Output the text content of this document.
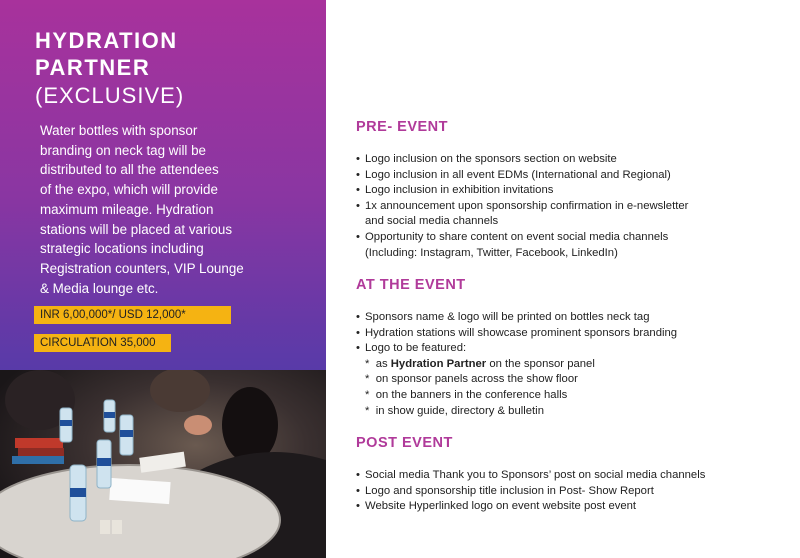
HYDRATION
PARTNER
(EXCLUSIVE)
Water bottles with sponsor
branding on neck tag will be
distributed to all the attendees
of the expo, which will provide
maximum mileage. Hydration
stations will be placed at various
strategic locations including
Registration counters, VIP Lounge
& Media lounge etc.
INR 6,00,000*/ USD 12,000*
CIRCULATION 35,000
PRE- EVENT
• Logo inclusion on the sponsors section on website
• Logo inclusion in all event EDMs (International and Regional)
• Logo inclusion in exhibition invitations
• 1x announcement upon sponsorship confirmation in e-newsletter
and social media channels
• Opportunity to share content on event social media channels
(Including: Instagram, Twitter, Facebook, LinkedIn)
AT THE EVENT
• Sponsors name & logo will be printed on bottles neck tag
• Hydration stations will showcase prominent sponsors branding
• Logo to be featured:
* as Hydration Partner on the sponsor panel
* on sponsor panels across the show floor
* on the banners in the conference halls
* in show guide, directory & bulletin
POST EVENT
• Social media Thank you to Sponsors’ post on social media channels
• Logo and sponsorship title inclusion in Post- Show Report
• Website Hyperlinked logo on event website post event
